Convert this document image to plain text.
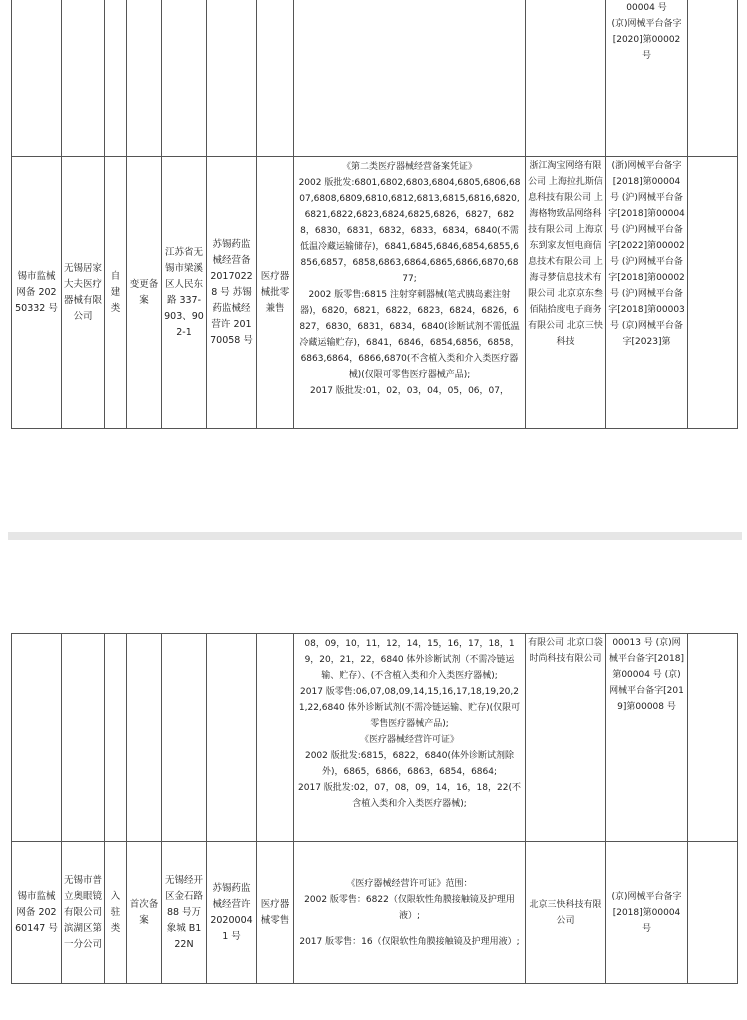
									00004 号
(京)网械平台备字[2020]第00002 号	

锡市监械网备 20250332 号	无锡居家大夫医疗器械有限公司	自建类	变更备案	江苏省无锡市梁溪区人民东路 337-903、902-1	苏锡药监械经营备 20170228 号 苏锡药监械经营许 20170058 号	医疗器械批零兼售	《第二类医疗器械经营备案凭证》
2002 版批发:6801,6802,6803,6804,6805,6806,6807,6808,6809,6810,6812,6813,6815,6816,6820,6821,6822,6823,6824,6825,6826，6827，6828，6830，6831，6832，6833，6834，6840(不需低温冷藏运输储存)，6841,6845,6846,6854,6855,6856,6857，6858,6863,6864,6865,6866,6870,6877;
2002 版零售:6815 注射穿刺器械(笔式胰岛素注射器)，6820，6821，6822，6823，6824，6826，6827，6830，6831，6834，6840(诊断试剂不需低温冷藏运输贮存)，6841，6846，6854,6856，6858，6863,6864，6866,6870(不含植入类和介入类医疗器械)(仅限可零售医疗器械产品);
2017 版批发:01，02，03，04，05，06，07，	浙江淘宝网络有限公司 上海拉扎斯信息科技有限公司 上海格物致品网络科技有限公司 上海京东到家友恒电商信息技术有限公司 上海寻梦信息技术有限公司 北京京东叁佰陆拾度电子商务有限公司 北京三快科技	(浙)网械平台备字[2018]第00004 号 (沪)网械平台备字[2018]第00004 号 (沪)网械平台备字[2022]第00002 号 (沪)网械平台备字[2018]第00002 号 (沪)网械平台备字[2018]第00003 号 (京)网械平台备字[2023]第	

							08，09，10，11，12，14，15，16，17，18，19，20，21，22，6840 体外诊断试剂（不需冷链运输、贮存）、(不含植入类和介入类医疗器械);
2017 版零售:06,07,08,09,14,15,16,17,18,19,20,21,22,6840 体外诊断试剂(不需冷链运输、贮存)(仅限可零售医疗器械产品);
《医疗器械经营许可证》
2002 版批发:6815，6822，6840(体外诊断试剂除外)，6865，6866，6863，6854，6864;
2017 版批发:02，07，08，09，14，16，18，22(不含植入类和介入类医疗器械);	有限公司 北京口袋时尚科技有限公司	00013 号 (京)网械平台备字[2018]第00004 号 (京)网械平台备字[2019]第00008 号	
锡市监械网备 20260147 号	无锡市普立奥眼镜有限公司滨湖区第一分公司	入驻类	首次备案	无锡经开区金石路 88 号万象城 B122N	苏锡药监械经营许 20200041 号	医疗器械零售	《医疗器械经营许可证》范围：
2002 版零售：6822（仅限软性角膜接触镜及护理用液）;
2017 版零售：16（仅限软性角膜接触镜及护理用液）;	北京三快科技有限公司	(京)网械平台备字[2018]第00004 号	
